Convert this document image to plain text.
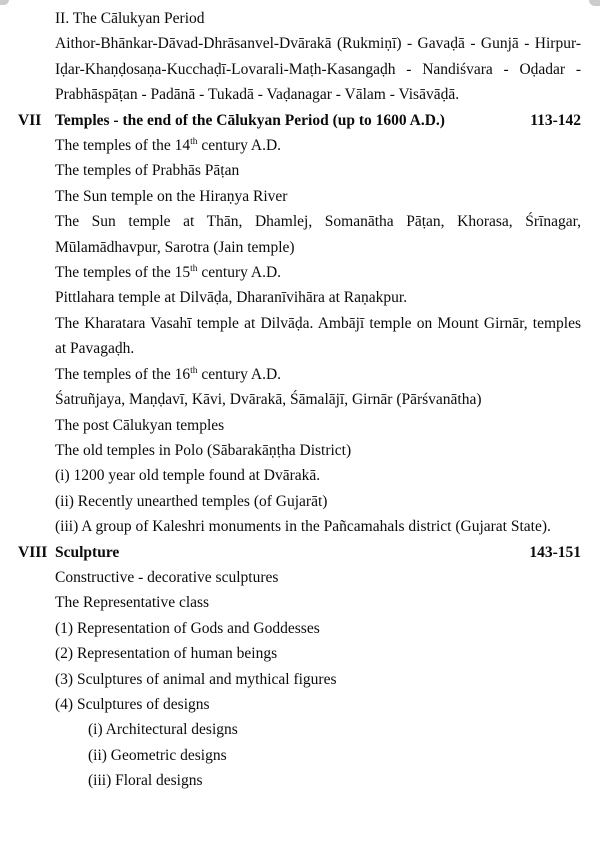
II. The Cālukyan Period
Aithor-Bhānkar-Dāvad-Dhrāsanvel-Dvārakā (Rukmiṇī) - Gavaḍā - Gunjā - Hirpur-Iḍar-Khaṇḍosaṇa-Kucchaḍī-Lovarali-Maṭh-Kasangaḍh - Nandiśvara - Oḍadar - Prabhāspāṭan - Padānā - Tukadā - Vaḍanagar - Vālam - Visāvāḍā.
VII Temples - the end of the Cālukyan Period (up to 1600 A.D.)	113-142
The temples of the 14th century A.D.
The temples of Prabhās Pāṭan
The Sun temple on the Hiraṇya River
The Sun temple at Thān, Dhamlej, Somanātha Pāṭan, Khorasa, Śrīnagar, Mūlamādhavpur, Sarotra (Jain temple)
The temples of the 15th century A.D.
Pittlahara temple at Dilvāḍa, Dharanīvihāra at Raṇakpur.
The Kharatara Vasahī temple at Dilvāḍa. Ambājī temple on Mount Girnār, temples at Pavagaḍh.
The temples of the 16th century A.D.
Śatruñjaya, Maṇḍavī, Kāvi, Dvārakā, Śāmalājī, Girnār (Pārśvanātha)
The post Cālukyan temples
The old temples in Polo (Sābarakāṇṭha District)
(i) 1200 year old temple found at Dvārakā.
(ii) Recently unearthed temples (of Gujarāt)
(iii) A group of Kaleshri monuments in the Pañcamahals district (Gujarat State).
VIII Sculpture	143-151
Constructive - decorative sculptures
The Representative class
(1) Representation of Gods and Goddesses
(2) Representation of human beings
(3) Sculptures of animal and mythical figures
(4) Sculptures of designs
(i) Architectural designs
(ii) Geometric designs
(iii) Floral designs
